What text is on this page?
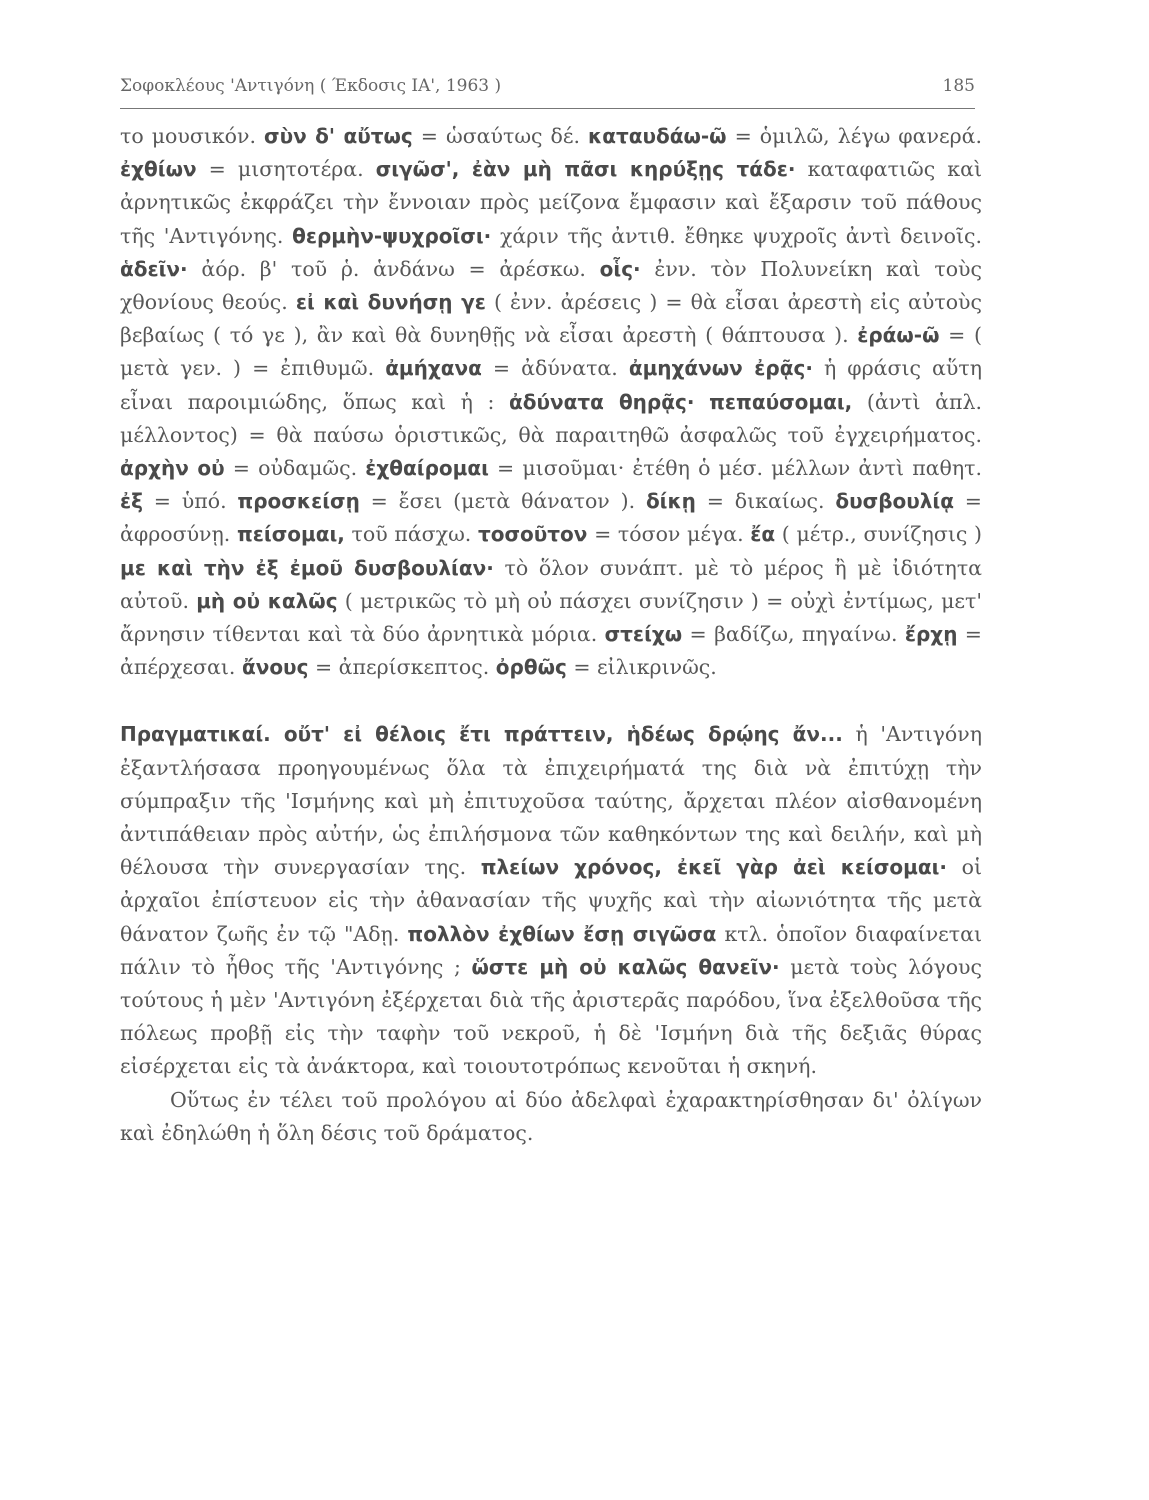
Σοφοκλέους 'Αντιγόνη ( Έκδοσις ΙΑ', 1963 )	185

το μουσικόν. σὺν δ' αὔτως = ὡσαύτως δέ. καταυδάω-ῶ = ὁμιλῶ, λέγω φανερά. ἐχθίων = μισητοτέρα. σιγῶσ', ἐὰν μὴ πᾶσι κηρύξῃς τάδε· καταφατιῶς καὶ ἀρνητικῶς ἐκφράζει τὴν ἔννοιαν πρὸς μείζονα ἔμφασιν καὶ ἔξαρσιν τοῦ πάθους τῆς 'Αντιγόνης. θερμὴν-ψυχροῖσι· χάριν τῆς ἀντιθ. ἔθηκε ψυχροῖς ἀντὶ δεινοῖς. ἁδεῖν· ἀόρ. β' τοῦ ῥ. ἁνδάνω = ἀρέσκω. οἷς· ἐνν. τὸν Πολυνείκη καὶ τοὺς χθονίους θεούς. εἰ καὶ δυνήσῃ γε ( ἐνν. ἀρέσεις ) = θὰ εἶσαι ἀρεστὴ εἰς αὐτοὺς βεβαίως ( τό γε ), ἂν καὶ θὰ δυνηθῇς νὰ εἶσαι ἀρεστὴ ( θάπτουσα ). ἐράω-ῶ = ( μετὰ γεν. ) = ἐπιθυμῶ. ἀμήχανα = ἀδύνατα. ἀμηχάνων ἐρᾷς· ἡ φράσις αὕτη εἶναι παροιμιώδης, ὅπως καὶ ἡ : ἀδύνατα θηρᾷς· πεπαύσομαι, (ἀντὶ ἁπλ. μέλλοντος) = θὰ παύσω ὁριστικῶς, θὰ παραιτηθῶ ἀσφαλῶς τοῦ ἐγχειρήματος. ἀρχὴν οὐ = οὐδαμῶς. ἐχθαίρομαι = μισοῦμαι· ἐτέθη ὁ μέσ. μέλλων ἀντὶ παθητ. ἐξ = ὑπό. προσκείσῃ = ἔσει (μετὰ θάνατον ). δίκῃ = δικαίως. δυσβουλίᾳ = ἀφροσύνῃ. πείσομαι, τοῦ πάσχω. τοσοῦτον = τόσον μέγα. ἔα ( μέτρ., συνίζησις ) με καὶ τὴν ἐξ ἐμοῦ δυσβουλίαν· τὸ ὅλον συνάπτ. μὲ τὸ μέρος ἢ μὲ ἰδιότητα αὐτοῦ. μὴ οὐ καλῶς ( μετρικῶς τὸ μὴ οὐ πάσχει συνίζησιν ) = οὐχὶ ἐντίμως, μετ' ἄρνησιν τίθενται καὶ τὰ δύο ἀρνητικὰ μόρια. στείχω = βαδίζω, πηγαίνω. ἔρχῃ = ἀπέρχεσαι. ἄνους = ἀπερίσκεπτος. ὀρθῶς = εἰλικρινῶς.

Πραγματικαί. οὔτ' εἰ θέλοις ἔτι πράττειν, ἡδέως δρῴης ἄν... ἡ 'Αντιγόνη ἐξαντλήσασα προηγουμένως ὅλα τὰ ἐπιχειρήματά της διὰ νὰ ἐπιτύχῃ τὴν σύμπραξιν τῆς 'Ισμήνης καὶ μὴ ἐπιτυχοῦσα ταύτης, ἄρχεται πλέον αἰσθανομένη ἀντιπάθειαν πρὸς αὐτήν, ὡς ἐπιλήσμονα τῶν καθηκόντων της καὶ δειλήν, καὶ μὴ θέλουσα τὴν συνεργασίαν της. πλείων χρόνος, ἐκεῖ γὰρ ἀεὶ κείσομαι· οἱ ἀρχαῖοι ἐπίστευον εἰς τὴν ἀθανασίαν τῆς ψυχῆς καὶ τὴν αἰωνιότητα τῆς μετὰ θάνατον ζωῆς ἐν τῷ "Αδῃ. πολλὸν ἐχθίων ἔσῃ σιγῶσα κτλ. ὁποῖον διαφαίνεται πάλιν τὸ ἦθος τῆς 'Αντιγόνης ; ὥστε μὴ οὐ καλῶς θανεῖν· μετὰ τοὺς λόγους τούτους ἡ μὲν 'Αντιγόνη ἐξέρχεται διὰ τῆς ἀριστερᾶς παρόδου, ἵνα ἐξελθοῦσα τῆς πόλεως προβῇ εἰς τὴν ταφὴν τοῦ νεκροῦ, ἡ δὲ 'Ισμήνη διὰ τῆς δεξιᾶς θύρας εἰσέρχεται εἰς τὰ ἀνάκτορα, καὶ τοιουτοτρόπως κενοῦται ἡ σκηνή.

Οὕτως ἐν τέλει τοῦ προλόγου αἱ δύο ἀδελφαὶ ἐχαρακτηρίσθησαν δι' ὀλίγων καὶ ἐδηλώθη ἡ ὅλη δέσις τοῦ δράματος.
